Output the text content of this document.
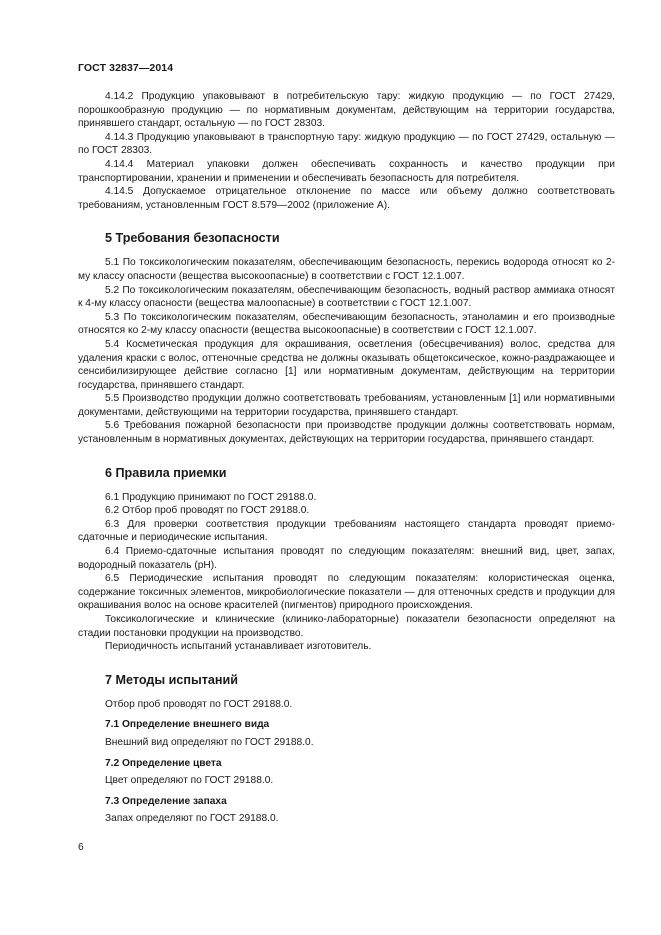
ГОСТ 32837—2014

4.14.2 Продукцию упаковывают в потребительскую тару: жидкую продукцию — по ГОСТ 27429, порошкообразную продукцию — по нормативным документам, действующим на территории государства, принявшего стандарт, остальную — по ГОСТ 28303.

4.14.3 Продукцию упаковывают в транспортную тару: жидкую продукцию — по ГОСТ 27429, остальную — по ГОСТ 28303.

4.14.4 Материал упаковки должен обеспечивать сохранность и качество продукции при транспортировании, хранении и применении и обеспечивать безопасность для потребителя.

4.14.5 Допускаемое отрицательное отклонение по массе или объему должно соответствовать требованиям, установленным ГОСТ 8.579—2002 (приложение А).

5 Требования безопасности

5.1 По токсикологическим показателям, обеспечивающим безопасность, перекись водорода относят ко 2-му классу опасности (вещества высокоопасные) в соответствии с ГОСТ 12.1.007.

5.2 По токсикологическим показателям, обеспечивающим безопасность, водный раствор аммиака относят к 4-му классу опасности (вещества малоопасные) в соответствии с ГОСТ 12.1.007.

5.3 По токсикологическим показателям, обеспечивающим безопасность, этаноламин и его производные относятся ко 2-му классу опасности (вещества высокоопасные) в соответствии с ГОСТ 12.1.007.

5.4 Косметическая продукция для окрашивания, осветления (обесцвечивания) волос, средства для удаления краски с волос, оттеночные средства не должны оказывать общетоксическое, кожно-раздражающее и сенсибилизирующее действие согласно [1] или нормативным документам, действующим на территории государства, принявшего стандарт.

5.5 Производство продукции должно соответствовать требованиям, установленным [1] или нормативными документами, действующими на территории государства, принявшего стандарт.

5.6 Требования пожарной безопасности при производстве продукции должны соответствовать нормам, установленным в нормативных документах, действующих на территории государства, принявшего стандарт.

6 Правила приемки

6.1 Продукцию принимают по ГОСТ 29188.0.

6.2 Отбор проб проводят по ГОСТ 29188.0.

6.3 Для проверки соответствия продукции требованиям настоящего стандарта проводят приемо-сдаточные и периодические испытания.

6.4 Приемо-сдаточные испытания проводят по следующим показателям: внешний вид, цвет, запах, водородный показатель (pH).

6.5 Периодические испытания проводят по следующим показателям: колористическая оценка, содержание токсичных элементов, микробиологические показатели — для оттеночных средств и продукции для окрашивания волос на основе красителей (пигментов) природного происхождения.

Токсикологические и клинические (клинико-лабораторные) показатели безопасности определяют на стадии постановки продукции на производство.

Периодичность испытаний устанавливает изготовитель.

7 Методы испытаний

Отбор проб проводят по ГОСТ 29188.0.

7.1 Определение внешнего вида

Внешний вид определяют по ГОСТ 29188.0.

7.2 Определение цвета

Цвет определяют по ГОСТ 29188.0.

7.3 Определение запаха

Запах определяют по ГОСТ 29188.0.

6
